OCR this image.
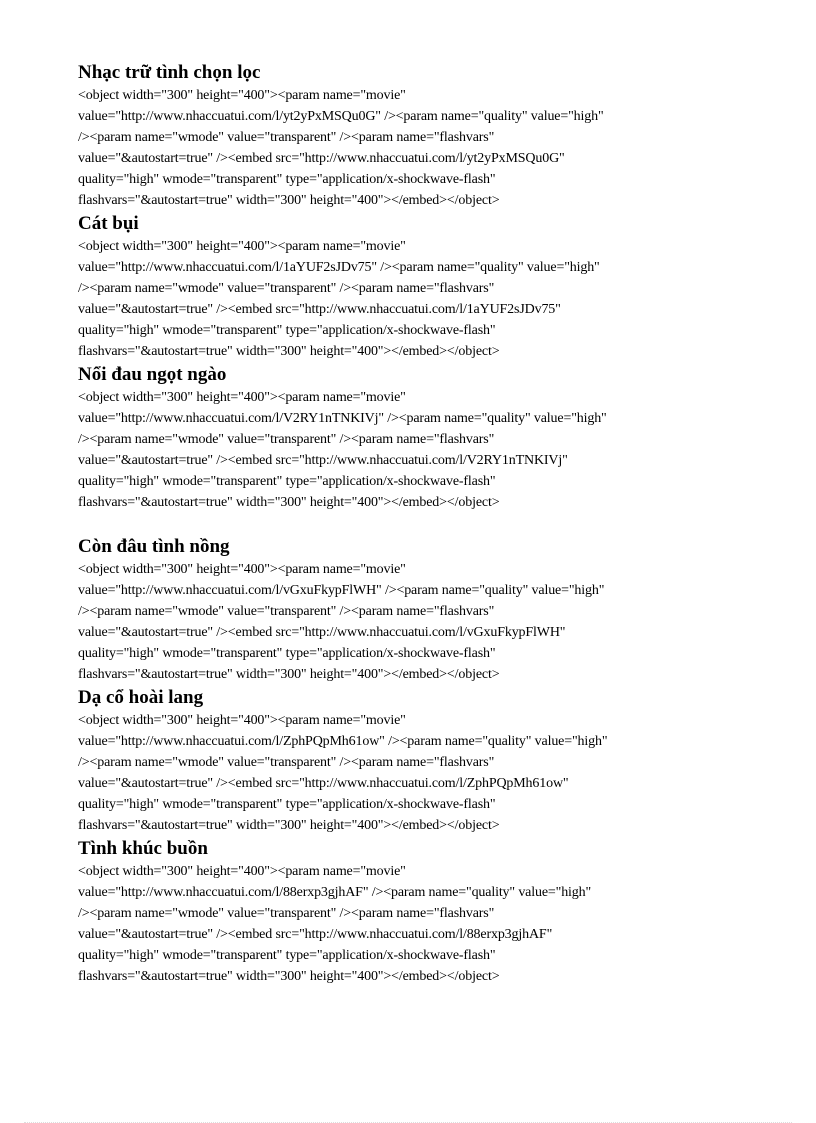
Nhạc trữ tình chọn lọc
<object width="300" height="400"><param name="movie"
value="http://www.nhaccuatui.com/l/yt2yPxMSQu0G" /><param name="quality" value="high"
/><param name="wmode" value="transparent" /><param name="flashvars"
value="&autostart=true" /><embed src="http://www.nhaccuatui.com/l/yt2yPxMSQu0G"
quality="high" wmode="transparent" type="application/x-shockwave-flash"
flashvars="&autostart=true" width="300" height="400"></embed></object>
Cát bụi
<object width="300" height="400"><param name="movie"
value="http://www.nhaccuatui.com/l/1aYUF2sJDv75" /><param name="quality" value="high"
/><param name="wmode" value="transparent" /><param name="flashvars"
value="&autostart=true" /><embed src="http://www.nhaccuatui.com/l/1aYUF2sJDv75"
quality="high" wmode="transparent" type="application/x-shockwave-flash"
flashvars="&autostart=true" width="300" height="400"></embed></object>
Nổi đau ngọt ngào
<object width="300" height="400"><param name="movie"
value="http://www.nhaccuatui.com/l/V2RY1nTNKIVj" /><param name="quality" value="high"
/><param name="wmode" value="transparent" /><param name="flashvars"
value="&autostart=true" /><embed src="http://www.nhaccuatui.com/l/V2RY1nTNKIVj"
quality="high" wmode="transparent" type="application/x-shockwave-flash"
flashvars="&autostart=true" width="300" height="400"></embed></object>
Còn đâu tình nồng
<object width="300" height="400"><param name="movie"
value="http://www.nhaccuatui.com/l/vGxuFkypFlWH" /><param name="quality" value="high"
/><param name="wmode" value="transparent" /><param name="flashvars"
value="&autostart=true" /><embed src="http://www.nhaccuatui.com/l/vGxuFkypFlWH"
quality="high" wmode="transparent" type="application/x-shockwave-flash"
flashvars="&autostart=true" width="300" height="400"></embed></object>
Dạ cổ hoài lang
<object width="300" height="400"><param name="movie"
value="http://www.nhaccuatui.com/l/ZphPQpMh61ow" /><param name="quality" value="high"
/><param name="wmode" value="transparent" /><param name="flashvars"
value="&autostart=true" /><embed src="http://www.nhaccuatui.com/l/ZphPQpMh61ow"
quality="high" wmode="transparent" type="application/x-shockwave-flash"
flashvars="&autostart=true" width="300" height="400"></embed></object>
Tình khúc buồn
<object width="300" height="400"><param name="movie"
value="http://www.nhaccuatui.com/l/88erxp3gjhAF" /><param name="quality" value="high"
/><param name="wmode" value="transparent" /><param name="flashvars"
value="&autostart=true" /><embed src="http://www.nhaccuatui.com/l/88erxp3gjhAF"
quality="high" wmode="transparent" type="application/x-shockwave-flash"
flashvars="&autostart=true" width="300" height="400"></embed></object>
